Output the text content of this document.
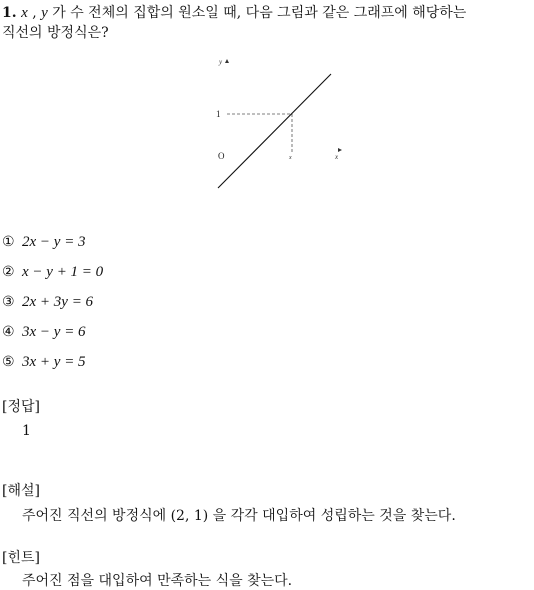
1. x , y 가 수 전체의 집합의 원소일 때, 다음 그림과 같은 그래프에 해당하는
직선의 방정식은?
y
1
O	x	x
① 2x − y = 3
② x − y + 1 = 0
③ 2x + 3y = 6
④ 3x − y = 6
⑤ 3x + y = 5
[정답]
1
[해설]
주어진 직선의 방정식에 (2, 1) 을 각각 대입하여 성립하는 것을 찾는다.
[힌트]
주어진 점을 대입하여 만족하는 식을 찾는다.
